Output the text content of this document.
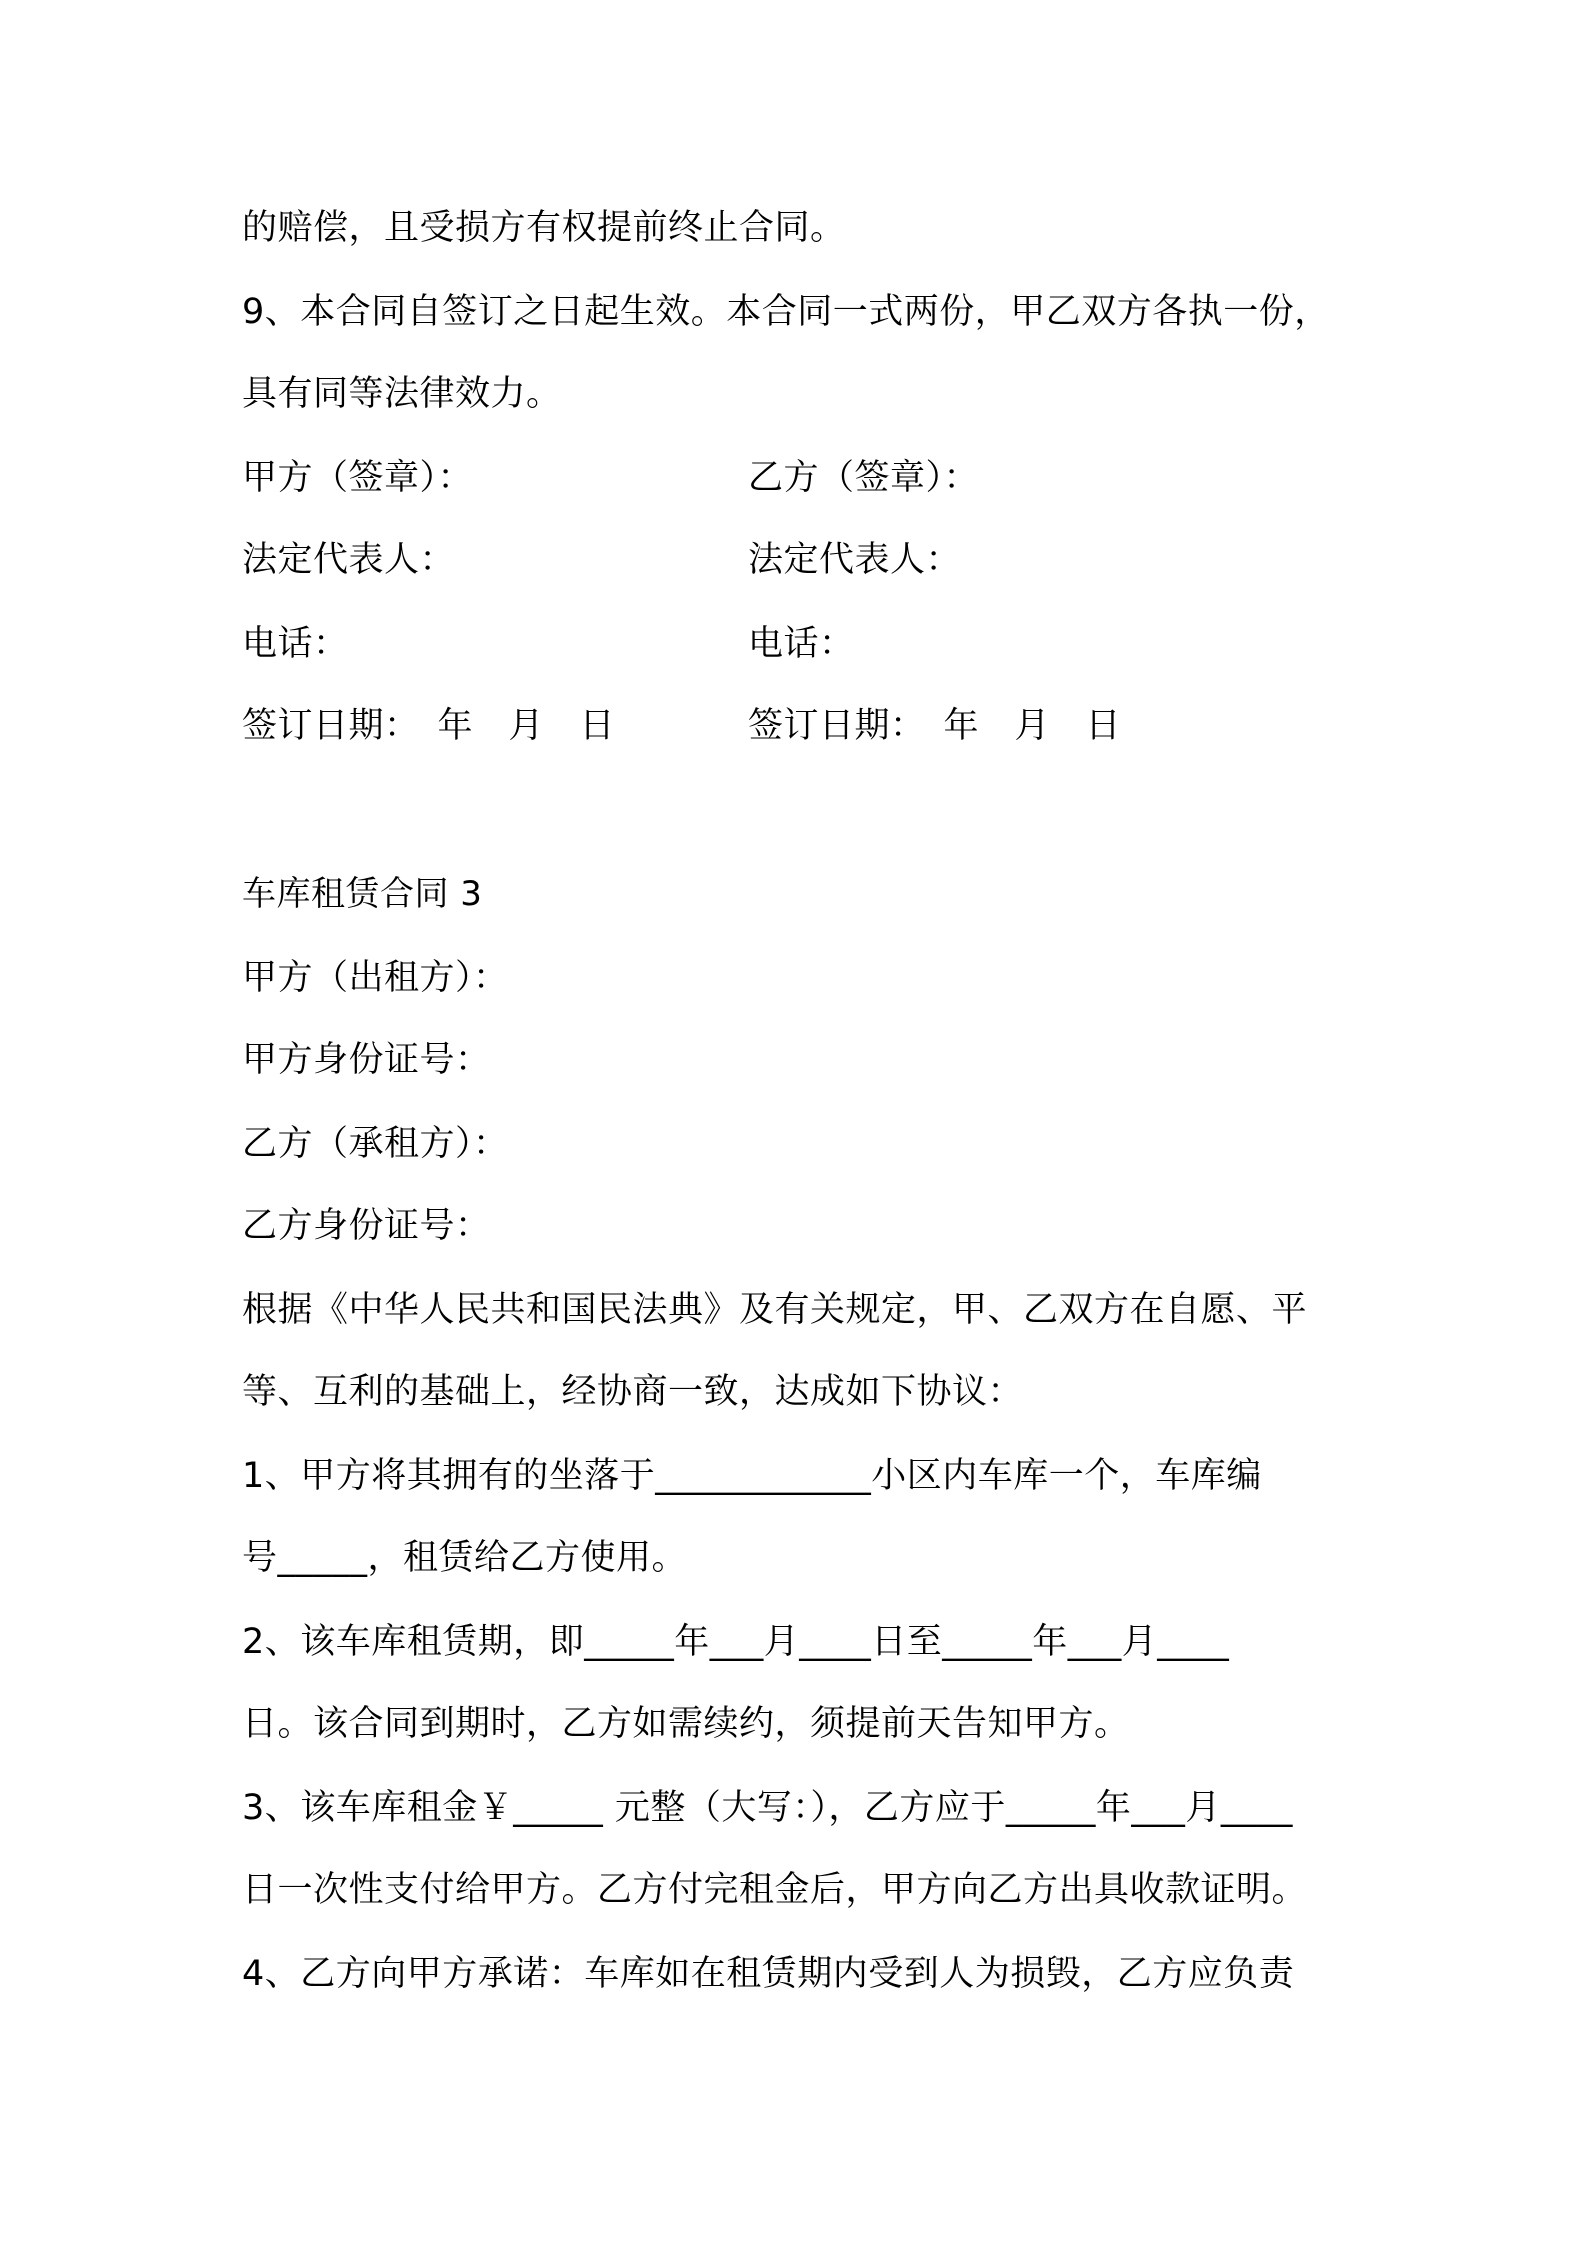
的赔偿，且受损方有权提前终止合同。
9、本合同自签订之日起生效。本合同一式两份，甲乙双方各执一份，
具有同等法律效力。
甲方（签章）：	乙方（签章）：
法定代表人：	法定代表人：
电话：	电话：
签订日期：　年　月　日	签订日期：　年　月　日
车库租赁合同 3
甲方（出租方）：
甲方身份证号：
乙方（承租方）：
乙方身份证号：
根据《中华人民共和国民法典》及有关规定，甲、乙双方在自愿、平
等、互利的基础上，经协商一致，达成如下协议：
1、甲方将其拥有的坐落于____________小区内车库一个，车库编
号_____，租赁给乙方使用。
2、该车库租赁期，即_____年___月____日至_____年___月____
日。该合同到期时，乙方如需续约，须提前天告知甲方。
3、该车库租金￥_____ 元整（大写：），乙方应于_____年___月____
日一次性支付给甲方。乙方付完租金后，甲方向乙方出具收款证明。
4、乙方向甲方承诺：车库如在租赁期内受到人为损毁，乙方应负责
